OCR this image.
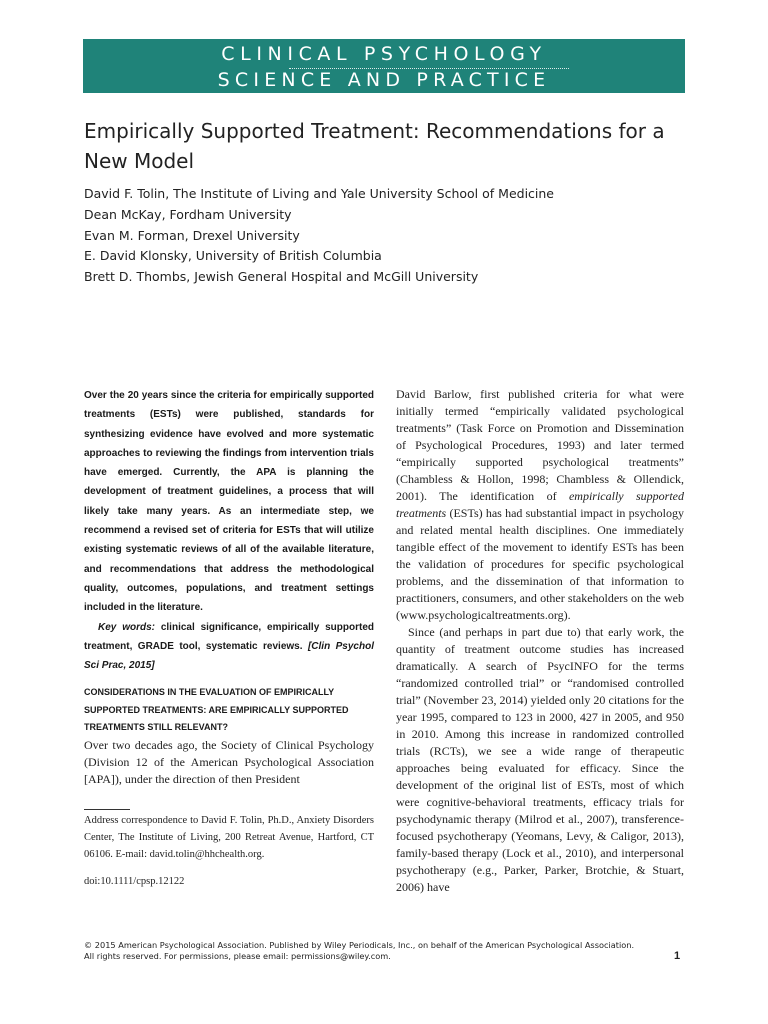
CLINICAL PSYCHOLOGY
SCIENCE AND PRACTICE
Empirically Supported Treatment: Recommendations for a New Model
David F. Tolin, The Institute of Living and Yale University School of Medicine
Dean McKay, Fordham University
Evan M. Forman, Drexel University
E. David Klonsky, University of British Columbia
Brett D. Thombs, Jewish General Hospital and McGill University

Over the 20 years since the criteria for empirically supported treatments (ESTs) were published, standards for synthesizing evidence have evolved and more systematic approaches to reviewing the findings from intervention trials have emerged. Currently, the APA is planning the development of treatment guidelines, a process that will likely take many years. As an intermediate step, we recommend a revised set of criteria for ESTs that will utilize existing systematic reviews of all of the available literature, and recommendations that address the methodological quality, outcomes, populations, and treatment settings included in the literature.

Key words: clinical significance, empirically supported treatment, GRADE tool, systematic reviews. [Clin Psychol Sci Prac, 2015]

CONSIDERATIONS IN THE EVALUATION OF EMPIRICALLY SUPPORTED TREATMENTS: ARE EMPIRICALLY SUPPORTED TREATMENTS STILL RELEVANT?

Over two decades ago, the Society of Clinical Psychology (Division 12 of the American Psychological Association [APA]), under the direction of then President

Address correspondence to David F. Tolin, Ph.D., Anxiety Disorders Center, The Institute of Living, 200 Retreat Avenue, Hartford, CT 06106. E-mail: david.tolin@hhchealth.org.

doi:10.1111/cpsp.12122

David Barlow, first published criteria for what were initially termed “empirically validated psychological treatments” (Task Force on Promotion and Dissemination of Psychological Procedures, 1993) and later termed “empirically supported psychological treatments” (Chambless & Hollon, 1998; Chambless & Ollendick, 2001). The identification of empirically supported treatments (ESTs) has had substantial impact in psychology and related mental health disciplines. One immediately tangible effect of the movement to identify ESTs has been the validation of procedures for specific psychological problems, and the dissemination of that information to practitioners, consumers, and other stakeholders on the web (www.psychologicaltreatments.org).

Since (and perhaps in part due to) that early work, the quantity of treatment outcome studies has increased dramatically. A search of PsycINFO for the terms “randomized controlled trial” or “randomised controlled trial” (November 23, 2014) yielded only 20 citations for the year 1995, compared to 123 in 2000, 427 in 2005, and 950 in 2010. Among this increase in randomized controlled trials (RCTs), we see a wide range of therapeutic approaches being evaluated for efficacy. Since the development of the original list of ESTs, most of which were cognitive-behavioral treatments, efficacy trials for psychodynamic therapy (Milrod et al., 2007), transference-focused psychotherapy (Yeomans, Levy, & Caligor, 2013), family-based therapy (Lock et al., 2010), and interpersonal psychotherapy (e.g., Parker, Parker, Brotchie, & Stuart, 2006) have

© 2015 American Psychological Association. Published by Wiley Periodicals, Inc., on behalf of the American Psychological Association.
All rights reserved. For permissions, please email: permissions@wiley.com.	1
